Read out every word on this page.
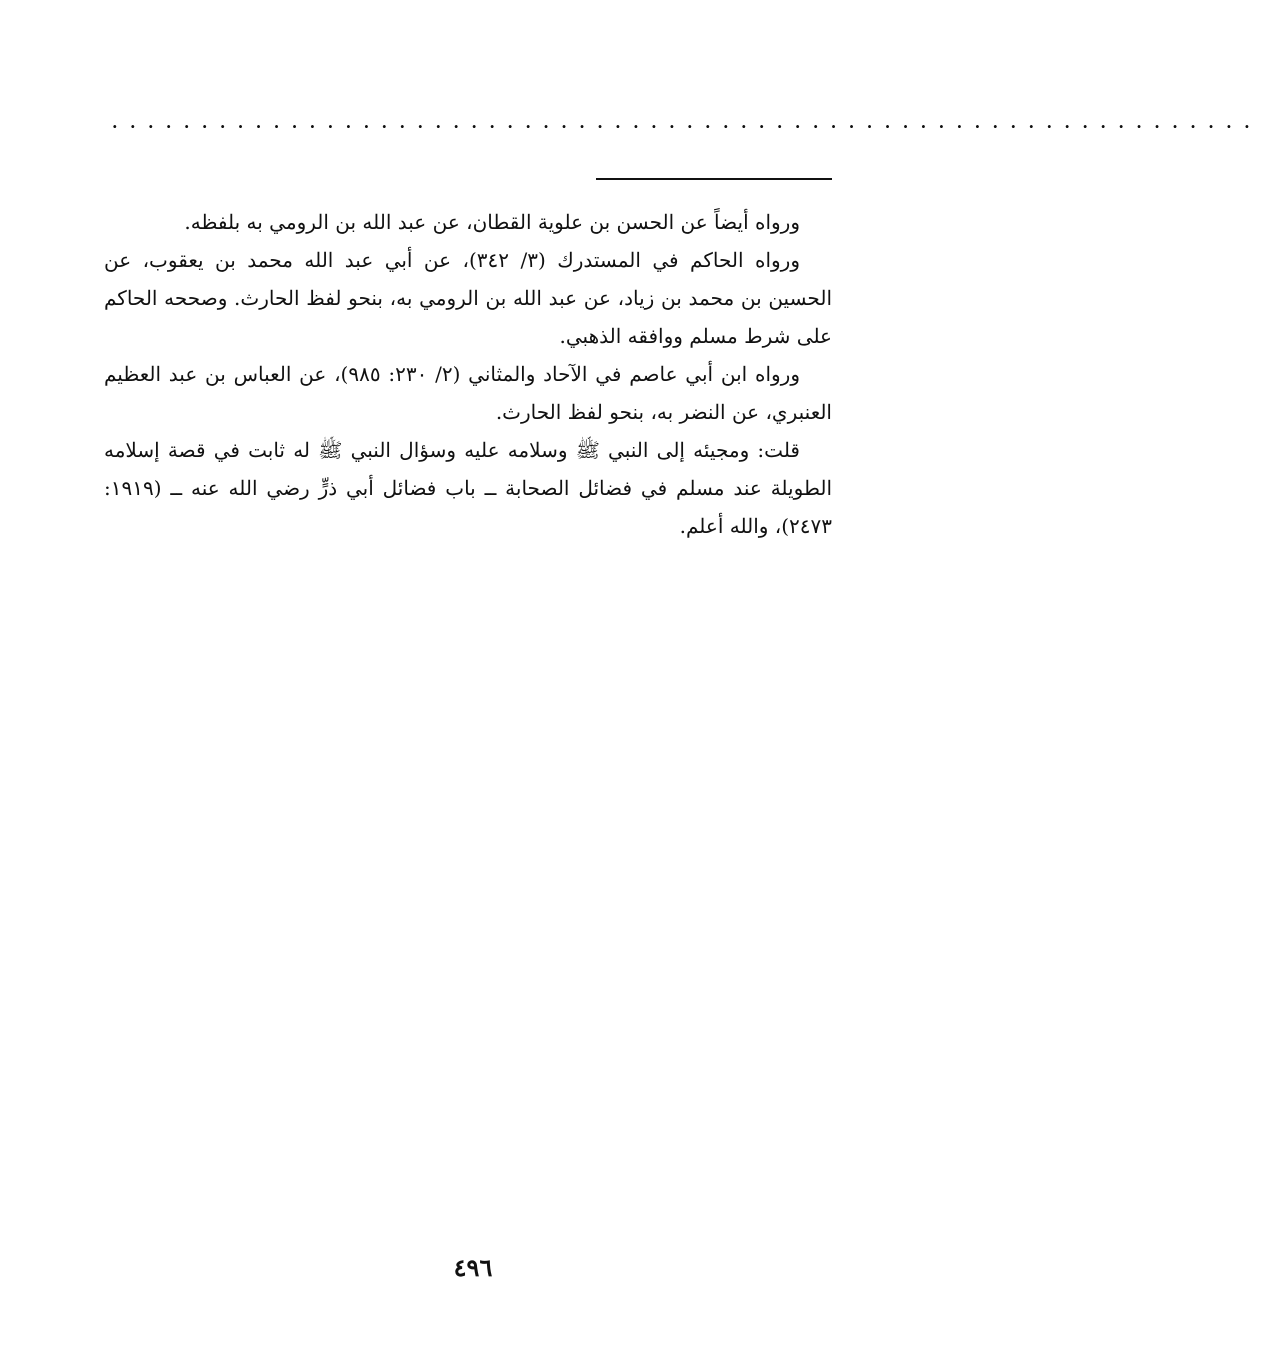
································································

ورواه أيضاً عن الحسن بن علوية القطان، عن عبد الله بن الرومي به بلفظه.

ورواه الحاكم في المستدرك (٣/ ٣٤٢)، عن أبي عبد الله محمد بن يعقوب، عن الحسين بن محمد بن زياد، عن عبد الله بن الرومي به، بنحو لفظ الحارث. وصححه الحاكم على شرط مسلم ووافقه الذهبي.

ورواه ابن أبي عاصم في الآحاد والمثاني (٢/ ٢٣٠: ٩٨٥)، عن العباس بن عبد العظيم العنبري، عن النضر به، بنحو لفظ الحارث.

قلت: ومجيئه إلى النبي ﷺ وسلامه عليه وسؤال النبي ﷺ له ثابت في قصة إسلامه الطويلة عند مسلم في فضائل الصحابة ــ باب فضائل أبي ذرٍّ رضي الله عنه ــ (١٩١٩: ٢٤٧٣)، والله أعلم.

٤٩٦
